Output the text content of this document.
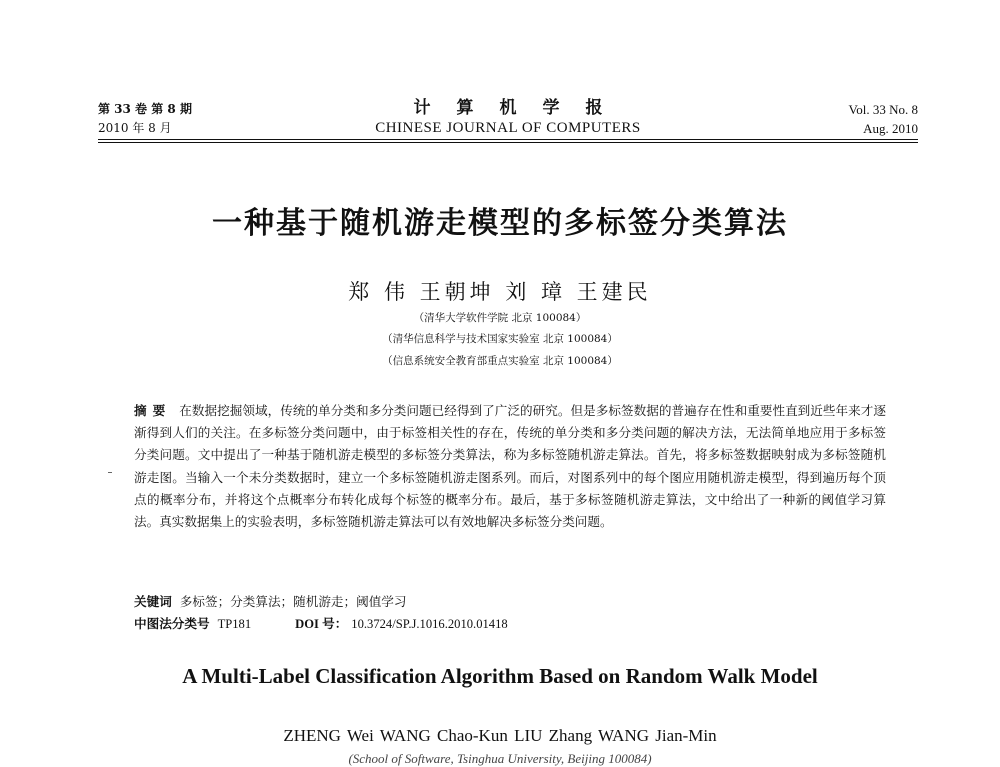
第 33 卷 第 8 期
2010 年 8 月
计算机学报
CHINESE JOURNAL OF COMPUTERS
Vol. 33 No. 8
Aug. 2010
一种基于随机游走模型的多标签分类算法
郑 伟 王朝坤 刘 璋 王建民
（清华大学软件学院 北京 100084）
（清华信息科学与技术国家实验室 北京 100084）
（信息系统安全教育部重点实验室 北京 100084）
摘要 在数据挖掘领域，传统的单分类和多分类问题已经得到了广泛的研究。但是多标签数据的普遍存在性和重要性直到近些年来才逐渐得到人们的关注。在多标签分类问题中，由于标签相关性的存在，传统的单分类和多分类问题的解决方法，无法简单地应用于多标签分类问题。文中提出了一种基于随机游走模型的多标签分类算法，称为多标签随机游走算法。首先，将多标签数据映射成为多标签随机游走图。当输入一个未分类数据时，建立一个多标签随机游走图系列。而后，对图系列中的每个图应用随机游走模型，得到遍历每个顶点的概率分布，并将这个点概率分布转化成每个标签的概率分布。最后，基于多标签随机游走算法，文中给出了一种新的阈值学习算法。真实数据集上的实验表明，多标签随机游走算法可以有效地解决多标签分类问题。
关键词 多标签；分类算法；随机游走；阈值学习
中图法分类号 TP181	DOI 号： 10.3724/SP.J.1016.2010.01418
A Multi-Label Classification Algorithm Based on Random Walk Model
ZHENG Wei WANG Chao-Kun LIU Zhang WANG Jian-Min
(School of Software, Tsinghua University, Beijing 100084)
